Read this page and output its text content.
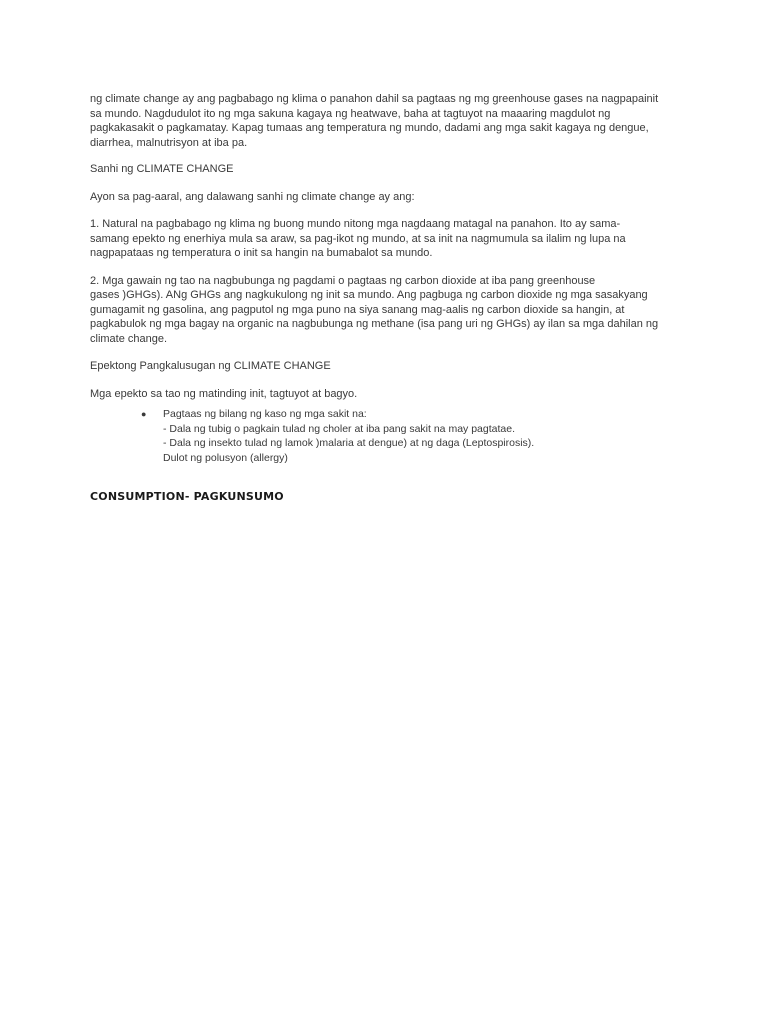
ng climate change ay ang pagbabago ng klima o panahon dahil sa pagtaas ng mg greenhouse gases na nagpapainit
sa mundo. Nagdudulot ito ng mga sakuna kagaya ng heatwave, baha at tagtuyot na maaaring magdulot ng
pagkakasakit o pagkamatay. Kapag tumaas ang temperatura ng mundo, dadami ang mga sakit kagaya ng dengue,
diarrhea, malnutrisyon at iba pa.

Sanhi ng CLIMATE CHANGE

Ayon sa pag-aaral, ang dalawang sanhi ng climate change ay ang:

1. Natural na pagbabago ng klima ng buong mundo nitong mga nagdaang matagal na panahon. Ito ay sama-
samang epekto ng enerhiya mula sa araw, sa pag-ikot ng mundo, at sa init na nagmumula sa ilalim ng lupa na
nagpapataas ng temperatura o init sa hangin na bumabalot sa mundo.

2. Mga gawain ng tao na nagbubunga ng pagdami o pagtaas ng carbon dioxide at iba pang greenhouse
gases )GHGs). ANg GHGs ang nagkukulong ng init sa mundo. Ang pagbuga ng carbon dioxide ng mga sasakyang
gumagamit ng gasolina, ang pagputol ng mga puno na siya sanang mag-aalis ng carbon dioxide sa hangin, at
pagkabulok ng mga bagay na organic na nagbubunga ng methane (isa pang uri ng GHGs) ay ilan sa mga dahilan ng
climate change.

Epektong Pangkalusugan ng CLIMATE CHANGE

Mga epekto sa tao ng matinding init, tagtuyot at bagyo.

● Pagtaas ng bilang ng kaso ng mga sakit na:

- Dala ng tubig o pagkain tulad ng choler at iba pang sakit na may pagtatae.

- Dala ng insekto tulad ng lamok )malaria at dengue) at ng daga (Leptospirosis).

Dulot ng polusyon (allergy)

CONSUMPTION- PAGKUNSUMO
